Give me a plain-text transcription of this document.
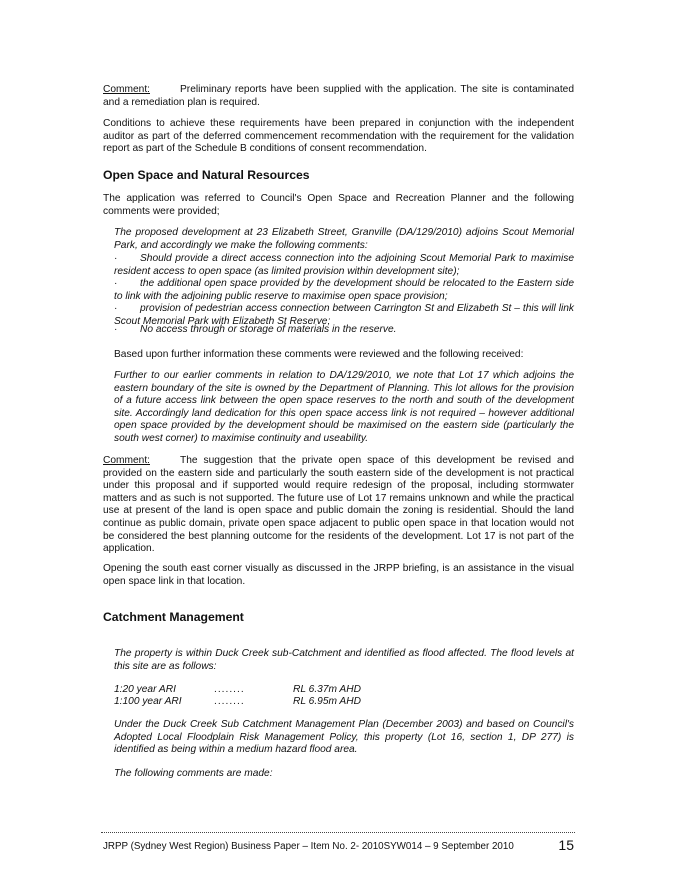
Comment:	Preliminary reports have been supplied with the application. The site is contaminated and a remediation plan is required.

Conditions to achieve these requirements have been prepared in conjunction with the independent auditor as part of the deferred commencement recommendation with the requirement for the validation report as part of the Schedule B conditions of consent recommendation.

Open Space and Natural Resources

The application was referred to Council's Open Space and Recreation Planner and the following comments were provided;

The proposed development at 23 Elizabeth Street, Granville (DA/129/2010) adjoins Scout Memorial Park, and accordingly we make the following comments:

· Should provide a direct access connection into the adjoining Scout Memorial Park to maximise resident access to open space (as limited provision within development site);

· the additional open space provided by the development should be relocated to the Eastern side to link with the adjoining public reserve to maximise open space provision;

· provision of pedestrian access connection between Carrington St and Elizabeth St – this will link Scout Memorial Park with Elizabeth St Reserve;

· No access through or storage of materials in the reserve.

Based upon further information these comments were reviewed and the following received:

Further to our earlier comments in relation to DA/129/2010, we note that Lot 17 which adjoins the eastern boundary of the site is owned by the Department of Planning. This lot allows for the provision of a future access link between the open space reserves to the north and south of the development site. Accordingly land dedication for this open space access link is not required – however additional open space provided by the development should be maximised on the eastern side (particularly the south west corner) to maximise continuity and useability.

Comment:	The suggestion that the private open space of this development be revised and provided on the eastern side and particularly the south eastern side of the development is not practical under this proposal and if supported would require redesign of the proposal, including stormwater matters and as such is not supported. The future use of Lot 17 remains unknown and while the practical use at present of the land is open space and public domain the zoning is residential. Should the land continue as public domain, private open space adjacent to public open space in that location would not be considered the best planning outcome for the residents of the development. Lot 17 is not part of the application.

Opening the south east corner visually as discussed in the JRPP briefing, is an assistance in the visual open space link in that location.

Catchment Management

The property is within Duck Creek sub-Catchment and identified as flood affected. The flood levels at this site are as follows:

1:20 year ARI	........	RL 6.37m AHD

1:100 year ARI	........	RL 6.95m AHD

Under the Duck Creek Sub Catchment Management Plan (December 2003) and based on Council's Adopted Local Floodplain Risk Management Policy, this property (Lot 16, section 1, DP 277) is identified as being within a medium hazard flood area.

The following comments are made:

JRPP (Sydney West Region) Business Paper – Item No. 2- 2010SYW014 – 9 September 2010	15
